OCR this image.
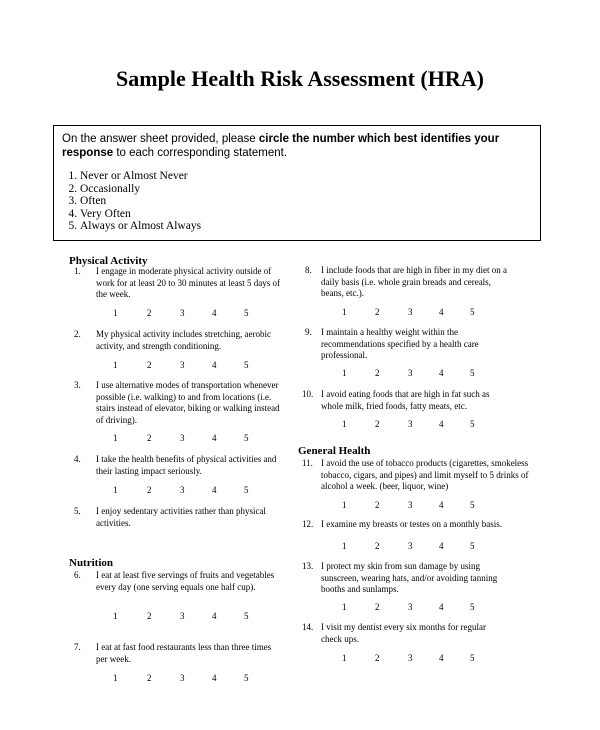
Sample Health Risk Assessment (HRA)
On the answer sheet provided, please circle the number which best identifies your response to each corresponding statement.
1. Never or Almost Never
2. Occasionally
3. Often
4. Very Often
5. Always or Almost Always
Physical Activity
1. I engage in moderate physical activity outside of work for at least 20 to 30 minutes at least 5 days of the week.
1	2	3	4	5
2. My physical activity includes stretching, aerobic activity, and strength conditioning.
1	2	3	4	5
3. I use alternative modes of transportation whenever possible (i.e. walking) to and from locations (i.e. stairs instead of elevator, biking or walking instead of driving).
1	2	3	4	5
4. I take the health benefits of physical activities and their lasting impact seriously.
1	2	3	4	5
5. I enjoy sedentary activities rather than physical activities.
Nutrition
6. I eat at least five servings of fruits and vegetables every day (one serving equals one half cup).
1	2	3	4	5
7. I eat at fast food restaurants less than three times per week.
1	2	3	4	5
8. I include foods that are high in fiber in my diet on a daily basis (i.e. whole grain breads and cereals, beans, etc.).
1	2	3	4	5
9. I maintain a healthy weight within the recommendations specified by a health care professional.
1	2	3	4	5
10. I avoid eating foods that are high in fat such as whole milk, fried foods, fatty meats, etc.
1	2	3	4	5
General Health
11. I avoid the use of tobacco products (cigarettes, smokeless tobacco, cigars, and pipes) and limit myself to 5 drinks of alcohol a week. (beer, liquor, wine)
1	2	3	4	5
12. I examine my breasts or testes on a monthly basis.
1	2	3	4	5
13. I protect my skin from sun damage by using sunscreen, wearing hats, and/or avoiding tanning booths and sunlamps.
1	2	3	4	5
14. I visit my dentist every six months for regular check ups.
1	2	3	4	5
